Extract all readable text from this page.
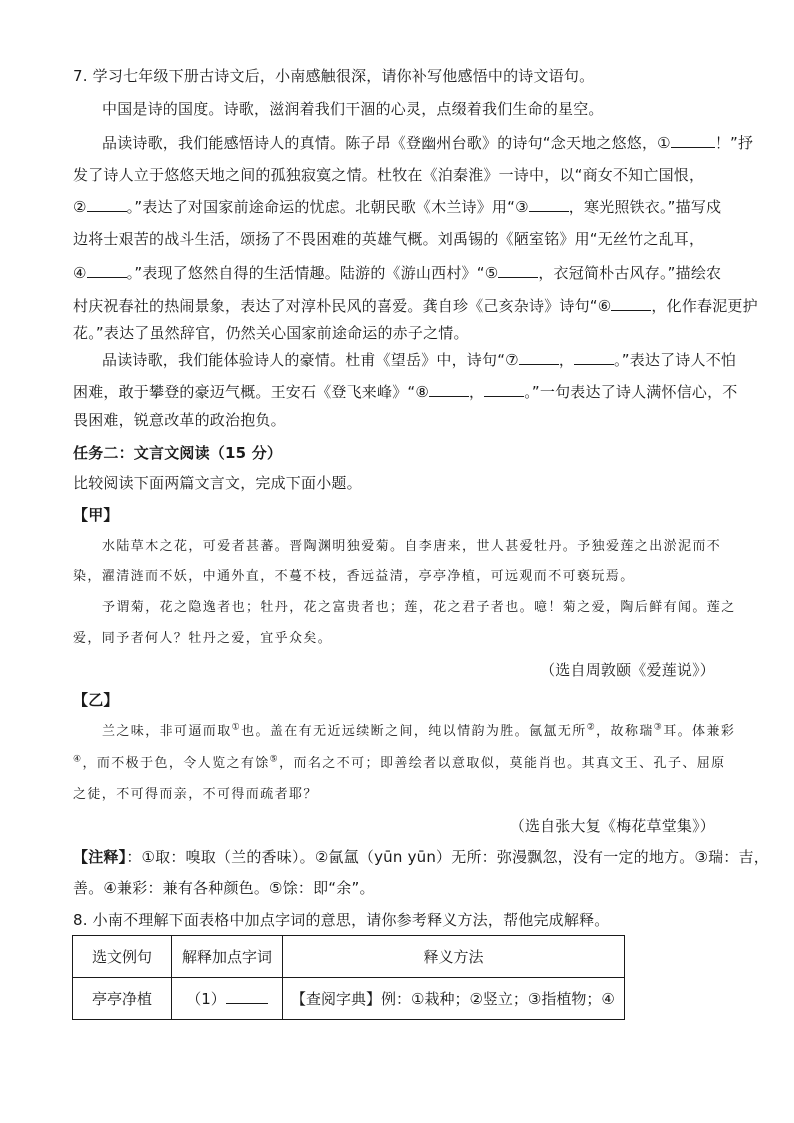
7. 学习七年级下册古诗文后，小南感触很深，请你补写他感悟中的诗文语句。
中国是诗的国度。诗歌，滋润着我们干涸的心灵，点缀着我们生命的星空。
品读诗歌，我们能感悟诗人的真情。陈子昂《登幽州台歌》的诗句“念天地之悠悠，①	！”抒
发了诗人立于悠悠天地之间的孤独寂寞之情。杜牧在《泊秦淮》一诗中，以“商女不知亡国恨，
②	。”表达了对国家前途命运的忧虑。北朝民歌《木兰诗》用“③	，寒光照铁衣。”描写戍
边将士艰苦的战斗生活，颂扬了不畏困难的英雄气概。刘禹锡的《陋室铭》用“无丝竹之乱耳，
④	。”表现了悠然自得的生活情趣。陆游的《游山西村》“⑤	，衣冠简朴古风存。”描绘农
村庆祝春社的热闹景象，表达了对淳朴民风的喜爱。龚自珍《己亥杂诗》诗句“⑥	，化作春泥更护
花。”表达了虽然辞官，仍然关心国家前途命运的赤子之情。
品读诗歌，我们能体验诗人的豪情。杜甫《望岳》中，诗句“⑦	，	。”表达了诗人不怕
困难，敢于攀登的豪迈气概。王安石《登飞来峰》“⑧	，	。”一句表达了诗人满怀信心，不
畏困难，锐意改革的政治抱负。
任务二：文言文阅读（15 分）
比较阅读下面两篇文言文，完成下面小题。
【甲】
水陆草木之花，可爱者甚蕃。晋陶渊明独爱菊。自李唐来，世人甚爱牡丹。予独爱莲之出淤泥而不
染，濯清涟而不妖，中通外直，不蔓不枝，香远益清，亭亭净植，可远观而不可亵玩焉。
予谓菊，花之隐逸者也；牡丹，花之富贵者也；莲，花之君子者也。噫！菊之爱，陶后鲜有闻。莲之
爱，同予者何人？牡丹之爱，宜乎众矣。
（选自周敦颐《爱莲说》）
【乙】
兰之味，非可逼而取①也。盖在有无近远续断之间，纯以情韵为胜。氤氲无所②，故称瑞③耳。体兼彩
④，而不极于色，令人览之有馀⑤，而名之不可；即善绘者以意取似，莫能肖也。其真文王、孔子、屈原
之徒，不可得而亲，不可得而疏者耶？
（选自张大复《梅花草堂集》）
【注释】：①取：嗅取（兰的香味）。②氤氲（yūn yūn）无所：弥漫飘忽，没有一定的地方。③瑞：吉，
善。④兼彩：兼有各种颜色。⑤馀：即“余”。
8. 小南不理解下面表格中加点字词的意思，请你参考释义方法，帮他完成解释。
选文例句	解释加点字词	释义方法
亭亭净植	（1）	【查阅字典】例：①栽种；②竖立；③指植物；④
